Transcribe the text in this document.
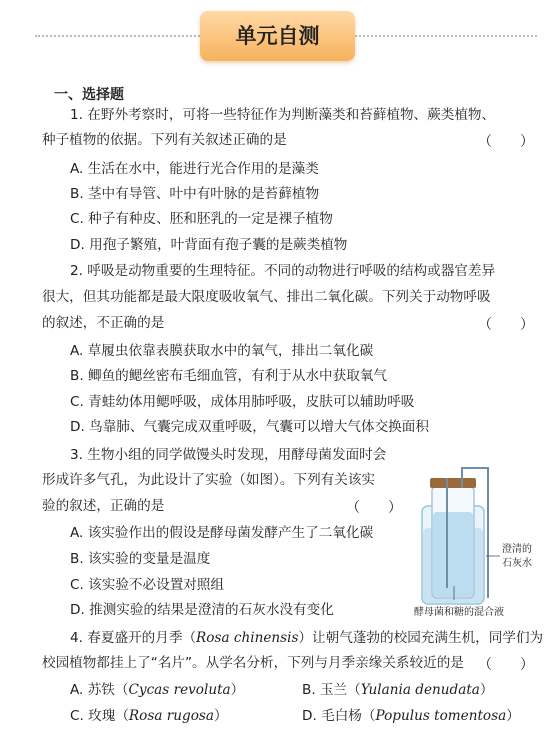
单元自测
一、选择题
1. 在野外考察时，可将一些特征作为判断藻类和苔藓植物、蕨类植物、
种子植物的依据。下列有关叙述正确的是	（　　）
A. 生活在水中，能进行光合作用的是藻类
B. 茎中有导管、叶中有叶脉的是苔藓植物
C. 种子有种皮、胚和胚乳的一定是裸子植物
D. 用孢子繁殖，叶背面有孢子囊的是蕨类植物
2. 呼吸是动物重要的生理特征。不同的动物进行呼吸的结构或器官差异
很大，但其功能都是最大限度吸收氧气、排出二氧化碳。下列关于动物呼吸
的叙述，不正确的是	（　　）
A. 草履虫依靠表膜获取水中的氧气，排出二氧化碳
B. 鲫鱼的鳃丝密布毛细血管，有利于从水中获取氧气
C. 青蛙幼体用鳃呼吸，成体用肺呼吸，皮肤可以辅助呼吸
D. 鸟靠肺、气囊完成双重呼吸，气囊可以增大气体交换面积
3. 生物小组的同学做馒头时发现，用酵母菌发面时会
形成许多气孔，为此设计了实验（如图）。下列有关该实
验的叙述，正确的是	（　　）
A. 该实验作出的假设是酵母菌发酵产生了二氧化碳
B. 该实验的变量是温度
C. 该实验不必设置对照组
D. 推测实验的结果是澄清的石灰水没有变化
澄清的
石灰水
酵母菌和糖的混合液
4. 春夏盛开的月季（Rosa chinensis）让朝气蓬勃的校园充满生机，同学们为
校园植物都挂上了“名片”。从学名分析，下列与月季亲缘关系较近的是 （　　）
A. 苏铁（Cycas revoluta）	B. 玉兰（Yulania denudata）
C. 玫瑰（Rosa rugosa）	D. 毛白杨（Populus tomentosa）
